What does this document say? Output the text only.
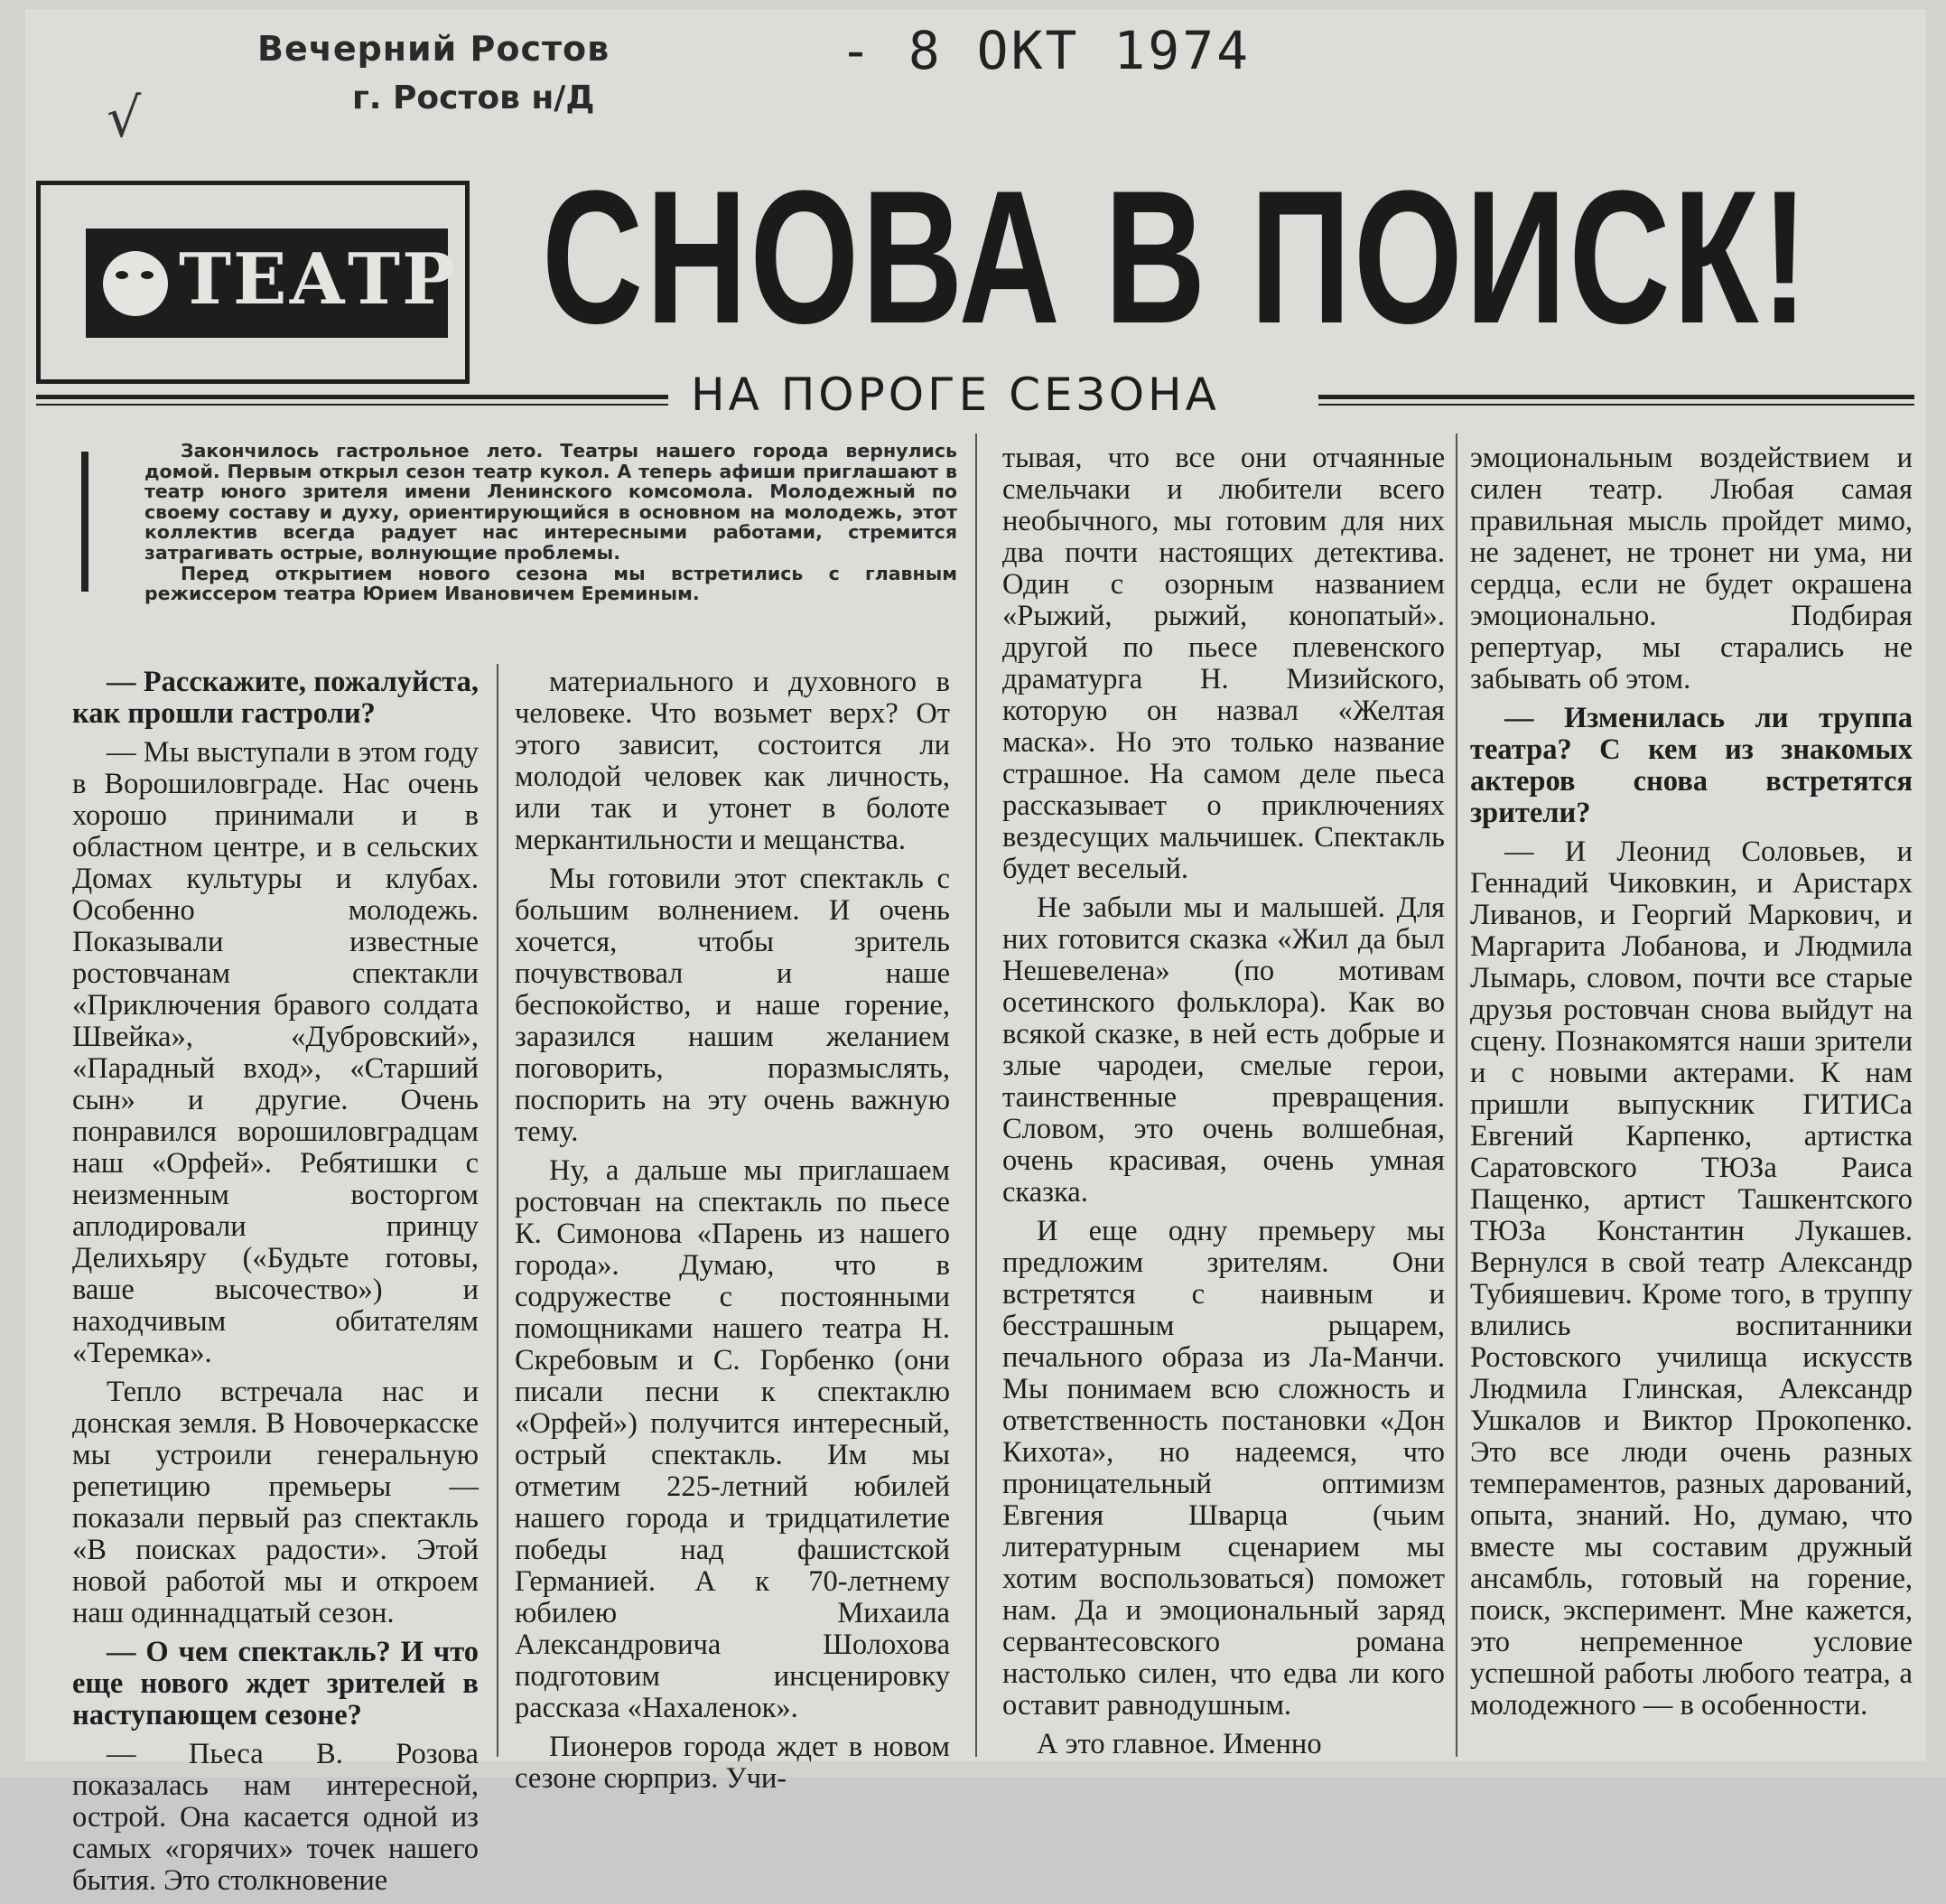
Вечерний Ростов
г. Ростов н/Д
- 8 ОКТ 1974
√
ТЕАТР СНОВА В ПОИСК!
НА ПОРОГЕ СЕЗОНА

Закончилось гастрольное лето. Театры нашего города вернулись домой. Первым открыл сезон театр кукол. А теперь афиши приглашают в театр юного зрителя имени Ленинского комсомола. Молодежный по своему составу и духу, ориентирующийся в основном на молодежь, этот коллектив всегда радует нас интересными работами, стремится затрагивать острые, волнующие проблемы.

Перед открытием нового сезона мы встретились с главным режиссером театра Юрием Ивановичем Ереминым.

— Расскажите, пожалуйста, как прошли гастроли?

— Мы выступали в этом году в Ворошиловграде. Нас очень хорошо принимали и в областном центре, и в сельских Домах культуры и клубах. Особенно молодежь. Показывали известные ростовчанам спектакли «Приключения бравого солдата Швейка», «Дубровский», «Парадный вход», «Старший сын» и другие. Очень понравился ворошиловградцам наш «Орфей». Ребятишки с неизменным восторгом аплодировали принцу Делихьяру («Будьте готовы, ваше высочество») и находчивым обитателям «Теремка».

Тепло встречала нас и донская земля. В Новочеркасске мы устроили генеральную репетицию премьеры — показали первый раз спектакль «В поисках радости». Этой новой работой мы и откроем наш одиннадцатый сезон.

— О чем спектакль? И что еще нового ждет зрителей в наступающем сезоне?

— Пьеса В. Розова показалась нам интересной, острой. Она касается одной из самых «горячих» точек нашего бытия. Это столкновение

материального и духовного в человеке. Что возьмет верх? От этого зависит, состоится ли молодой человек как личность, или так и утонет в болоте меркантильности и мещанства.

Мы готовили этот спектакль с большим волнением. И очень хочется, чтобы зритель почувствовал и наше беспокойство, и наше горение, заразился нашим желанием поговорить, поразмыслять, поспорить на эту очень важную тему.

Ну, а дальше мы приглашаем ростовчан на спектакль по пьесе К. Симонова «Парень из нашего города». Думаю, что в содружестве с постоянными помощниками нашего театра Н. Скребовым и С. Горбенко (они писали песни к спектаклю «Орфей») получится интересный, острый спектакль. Им мы отметим 225-летний юбилей нашего города и тридцатилетие победы над фашистской Германией. А к 70-летнему юбилею Михаила Александровича Шолохова подготовим инсценировку рассказа «Нахаленок».

Пионеров города ждет в новом сезоне сюрприз. Учи-

тывая, что все они отчаянные смельчаки и любители всего необычного, мы готовим для них два почти настоящих детектива. Один с озорным названием «Рыжий, рыжий, конопатый». другой по пьесе плевенского драматурга Н. Мизийского, которую он назвал «Желтая маска». Но это только название страшное. На самом деле пьеса рассказывает о приключениях вездесущих мальчишек. Спектакль будет веселый.

Не забыли мы и малышей. Для них готовится сказка «Жил да был Нешевелена» (по мотивам осетинского фольклора). Как во всякой сказке, в ней есть добрые и злые чародеи, смелые герои, таинственные превращения. Словом, это очень волшебная, очень красивая, очень умная сказка.

И еще одну премьеру мы предложим зрителям. Они встретятся с наивным и бесстрашным рыцарем, печального образа из Ла-Манчи. Мы понимаем всю сложность и ответственность постановки «Дон Кихота», но надеемся, что проницательный оптимизм Евгения Шварца (чьим литературным сценарием мы хотим воспользоваться) поможет нам. Да и эмоциональный заряд сервантесовского романа настолько силен, что едва ли кого оставит равнодушным.

А это главное. Именно

эмоциональным воздействием и силен театр. Любая самая правильная мысль пройдет мимо, не заденет, не тронет ни ума, ни сердца, если не будет окрашена эмоционально. Подбирая репертуар, мы старались не забывать об этом.

— Изменилась ли труппа театра? С кем из знакомых актеров снова встретятся зрители?

— И Леонид Соловьев, и Геннадий Чиковкин, и Аристарх Ливанов, и Георгий Маркович, и Маргарита Лобанова, и Людмила Лымарь, словом, почти все старые друзья ростовчан снова выйдут на сцену. Познакомятся наши зрители и с новыми актерами. К нам пришли выпускник ГИТИСа Евгений Карпенко, артистка Саратовского ТЮЗа Раиса Пащенко, артист Ташкентского ТЮЗа Константин Лукашев. Вернулся в свой театр Александр Тубияшевич. Кроме того, в труппу влились воспитанники Ростовского училища искусств Людмила Глинская, Александр Ушкалов и Виктор Прокопенко. Это все люди очень разных темпераментов, разных дарований, опыта, знаний. Но, думаю, что вместе мы составим дружный ансамбль, готовый на горение, поиск, эксперимент. Мне кажется, это непременное условие успешной работы любого театра, а молодежного — в особенности.
